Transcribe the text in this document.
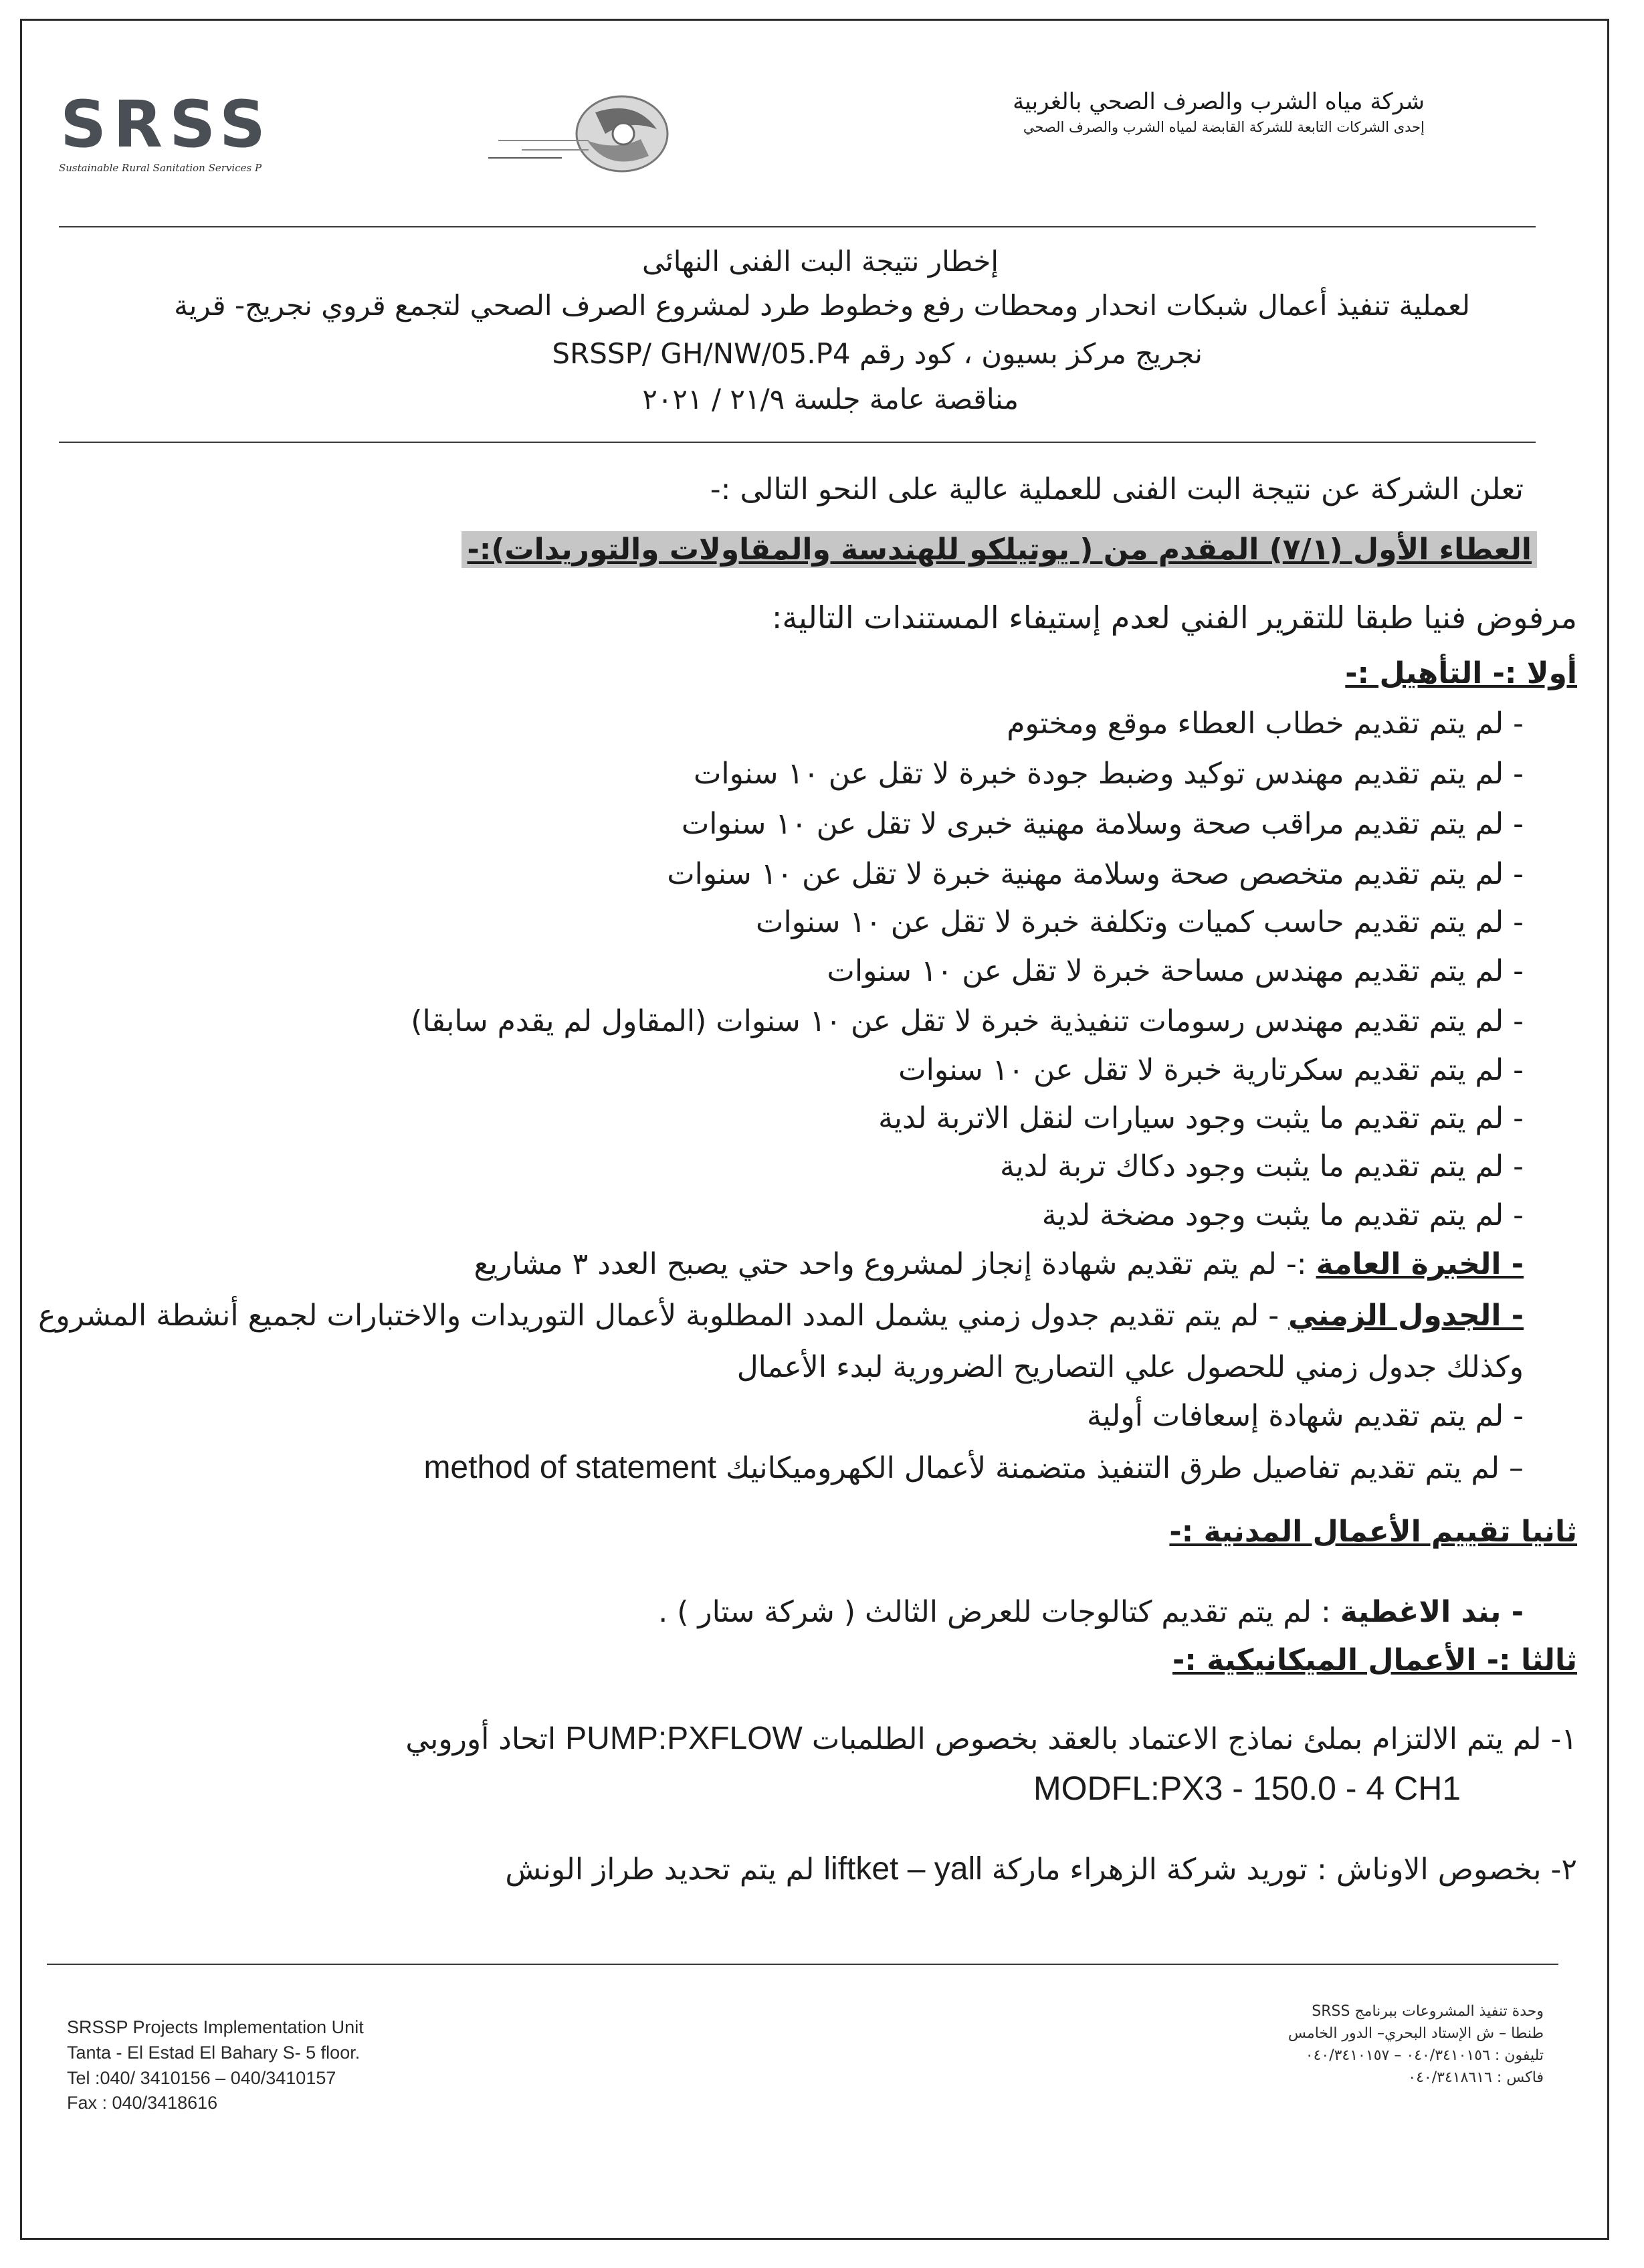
SRSS
Sustainable Rural Sanitation Services P
شركة مياه الشرب والصرف الصحي بالغربية
إحدى الشركات التابعة للشركة القابضة لمياه الشرب والصرف الصحي
إخطار نتيجة البت الفنى النهائى
لعملية تنفيذ أعمال شبكات انحدار ومحطات رفع وخطوط طرد لمشروع الصرف الصحي لتجمع قروي نجريج- قرية
نجريج مركز بسيون ، كود رقم SRSSP/ GH/NW/05.P4
مناقصة عامة جلسة ٢١/٩ / ٢٠٢١
تعلن الشركة عن نتيجة البت الفنى للعملية عالية على النحو التالى :-
العطاء الأول (٧/١) المقدم من ( يوتيلكو للهندسة والمقاولات والتوريدات):-
مرفوض فنيا طبقا للتقرير الفني لعدم إستيفاء المستندات التالية:
أولا :- التأهيل :-
- لم يتم تقديم خطاب العطاء موقع ومختوم
- لم يتم تقديم مهندس توكيد وضبط جودة خبرة لا تقل عن ١٠ سنوات
- لم يتم تقديم مراقب صحة وسلامة مهنية خبرى لا تقل عن ١٠ سنوات
- لم يتم تقديم متخصص صحة وسلامة مهنية خبرة لا تقل عن ١٠ سنوات
- لم يتم تقديم حاسب كميات وتكلفة خبرة لا تقل عن ١٠ سنوات
- لم يتم تقديم مهندس مساحة خبرة لا تقل عن ١٠ سنوات
- لم يتم تقديم مهندس رسومات تنفيذية خبرة لا تقل عن ١٠ سنوات (المقاول لم يقدم سابقا)
- لم يتم تقديم سكرتارية خبرة لا تقل عن ١٠ سنوات
- لم يتم تقديم ما يثبت وجود سيارات لنقل الاتربة لدية
- لم يتم تقديم ما يثبت وجود دكاك تربة لدية
- لم يتم تقديم ما يثبت وجود مضخة لدية
- الخبرة العامة :- لم يتم تقديم شهادة إنجاز لمشروع واحد حتي يصبح العدد ٣ مشاريع
- الجدول الزمني - لم يتم تقديم جدول زمني يشمل المدد المطلوبة لأعمال التوريدات والاختبارات لجميع أنشطة المشروع
وكذلك جدول زمني للحصول علي التصاريح الضرورية لبدء الأعمال
- لم يتم تقديم شهادة إسعافات أولية
– لم يتم تقديم تفاصيل طرق التنفيذ متضمنة لأعمال الكهروميكانيك method of statement
ثانيا تقييم الأعمال المدنية :-
- بند الاغطية : لم يتم تقديم كتالوجات للعرض الثالث ( شركة ستار ) .
ثالثا :- الأعمال الميكانيكية :-
١- لم يتم الالتزام بملئ نماذج الاعتماد بالعقد بخصوص الطلمبات PUMP:PXFLOW اتحاد أوروبي
MODFL:PX3 - 150.0 - 4 CH1
٢- بخصوص الاوناش : توريد شركة الزهراء ماركة liftket – yall لم يتم تحديد طراز الونش
SRSSP Projects Implementation Unit
Tanta - El Estad El Bahary S- 5 floor.
Tel :040/ 3410156 – 040/3410157
Fax : 040/3418616
وحدة تنفيذ المشروعات ببرنامج SRSS
طنطا – ش الإستاد البحري– الدور الخامس
تليفون : ٠٤٠/٣٤١٠١٥٦ – ٠٤٠/٣٤١٠١٥٧
فاكس : ٠٤٠/٣٤١٨٦١٦
